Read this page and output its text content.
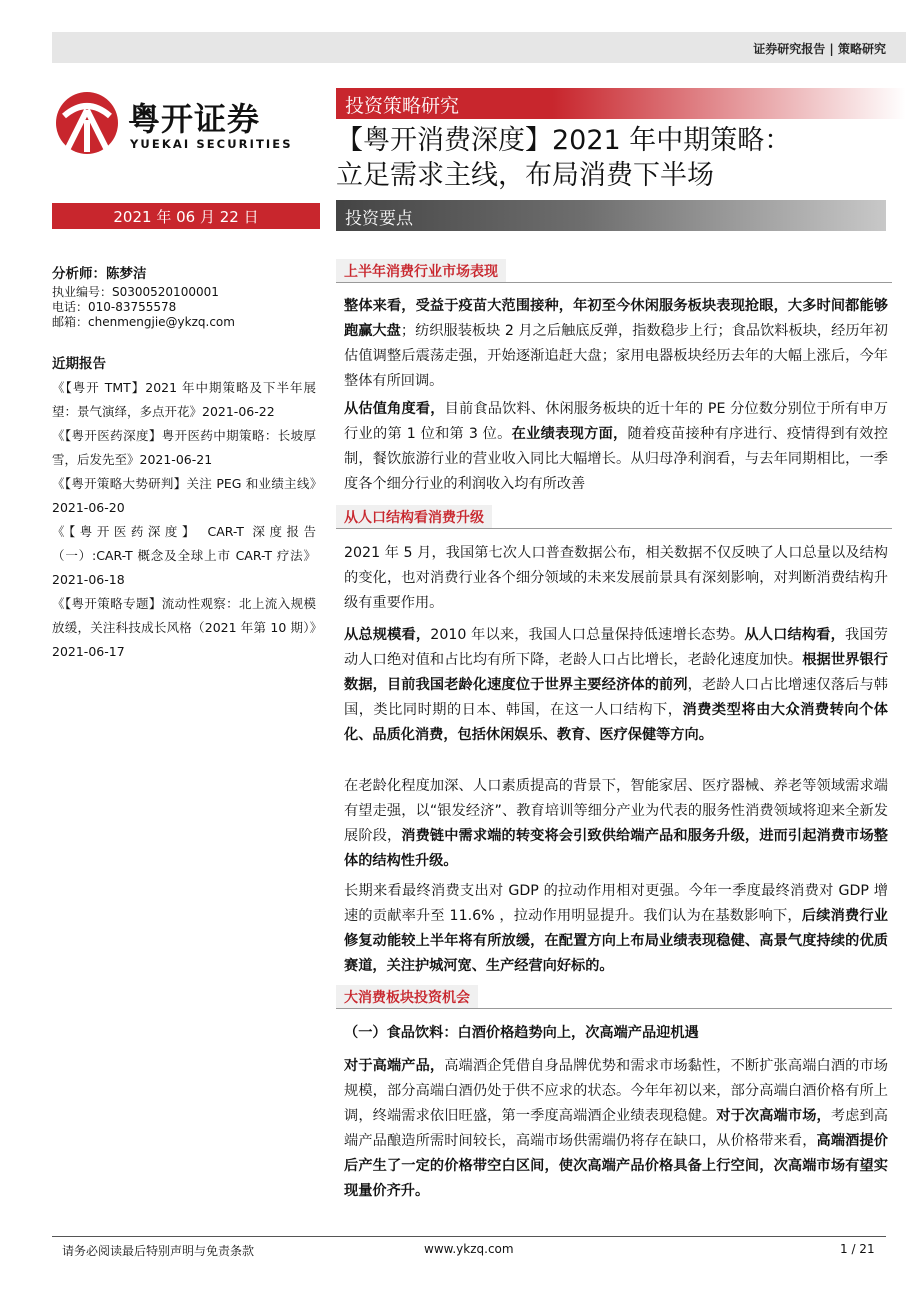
证券研究报告 | 策略研究
粤开证券
YUEKAI SECURITIES
投资策略研究
【粤开消费深度】2021 年中期策略：
立足需求主线，布局消费下半场
2021 年 06 月 22 日	投资要点
分析师：陈梦洁
执业编号：S0300520100001
电话：010-83755578
邮箱：chenmengjie@ykzq.com
近期报告
《【粤开 TMT】2021 年中期策略及下半年展望：景气演绎，多点开花》2021-06-22
《【粤开医药深度】粤开医药中期策略：长坡厚雪，后发先至》2021-06-21
《【粤开策略大势研判】关注 PEG 和业绩主线》2021-06-20
《【粤开医药深度】 CAR-T 深度报告（一）:CAR-T 概念及全球上市 CAR-T 疗法》2021-06-18
《【粤开策略专题】流动性观察：北上流入规模放缓，关注科技成长风格（2021 年第 10 期）》2021-06-17
上半年消费行业市场表现
整体来看，受益于疫苗大范围接种，年初至今休闲服务板块表现抢眼，大多时间都能够跑赢大盘；纺织服装板块 2 月之后触底反弹，指数稳步上行；食品饮料板块，经历年初估值调整后震荡走强，开始逐渐追赶大盘；家用电器板块经历去年的大幅上涨后，今年整体有所回调。
从估值角度看，目前食品饮料、休闲服务板块的近十年的 PE 分位数分别位于所有申万行业的第 1 位和第 3 位。在业绩表现方面，随着疫苗接种有序进行、疫情得到有效控制，餐饮旅游行业的营业收入同比大幅增长。从归母净利润看，与去年同期相比，一季度各个细分行业的利润收入均有所改善
从人口结构看消费升级
2021 年 5 月，我国第七次人口普查数据公布，相关数据不仅反映了人口总量以及结构的变化，也对消费行业各个细分领域的未来发展前景具有深刻影响，对判断消费结构升级有重要作用。
从总规模看，2010 年以来，我国人口总量保持低速增长态势。从人口结构看，我国劳动人口绝对值和占比均有所下降，老龄人口占比增长，老龄化速度加快。根据世界银行数据，目前我国老龄化速度位于世界主要经济体的前列，老龄人口占比增速仅落后与韩国，类比同时期的日本、韩国，在这一人口结构下，消费类型将由大众消费转向个体化、品质化消费，包括休闲娱乐、教育、医疗保健等方向。
在老龄化程度加深、人口素质提高的背景下，智能家居、医疗器械、养老等领域需求端有望走强，以“银发经济”、教育培训等细分产业为代表的服务性消费领域将迎来全新发展阶段，消费链中需求端的转变将会引致供给端产品和服务升级，进而引起消费市场整体的结构性升级。
长期来看最终消费支出对 GDP 的拉动作用相对更强。今年一季度最终消费对 GDP 增速的贡献率升至 11.6% ，拉动作用明显提升。我们认为在基数影响下，后续消费行业修复动能较上半年将有所放缓，在配置方向上布局业绩表现稳健、高景气度持续的优质赛道，关注护城河宽、生产经营向好标的。
大消费板块投资机会
（一）食品饮料：白酒价格趋势向上，次高端产品迎机遇
对于高端产品，高端酒企凭借自身品牌优势和需求市场黏性，不断扩张高端白酒的市场规模，部分高端白酒仍处于供不应求的状态。今年年初以来，部分高端白酒价格有所上调，终端需求依旧旺盛，第一季度高端酒企业绩表现稳健。对于次高端市场，考虑到高端产品酿造所需时间较长，高端市场供需端仍将存在缺口，从价格带来看，高端酒提价后产生了一定的价格带空白区间，使次高端产品价格具备上行空间，次高端市场有望实现量价齐升。
请务必阅读最后特别声明与免责条款	www.ykzq.com	1 / 21
